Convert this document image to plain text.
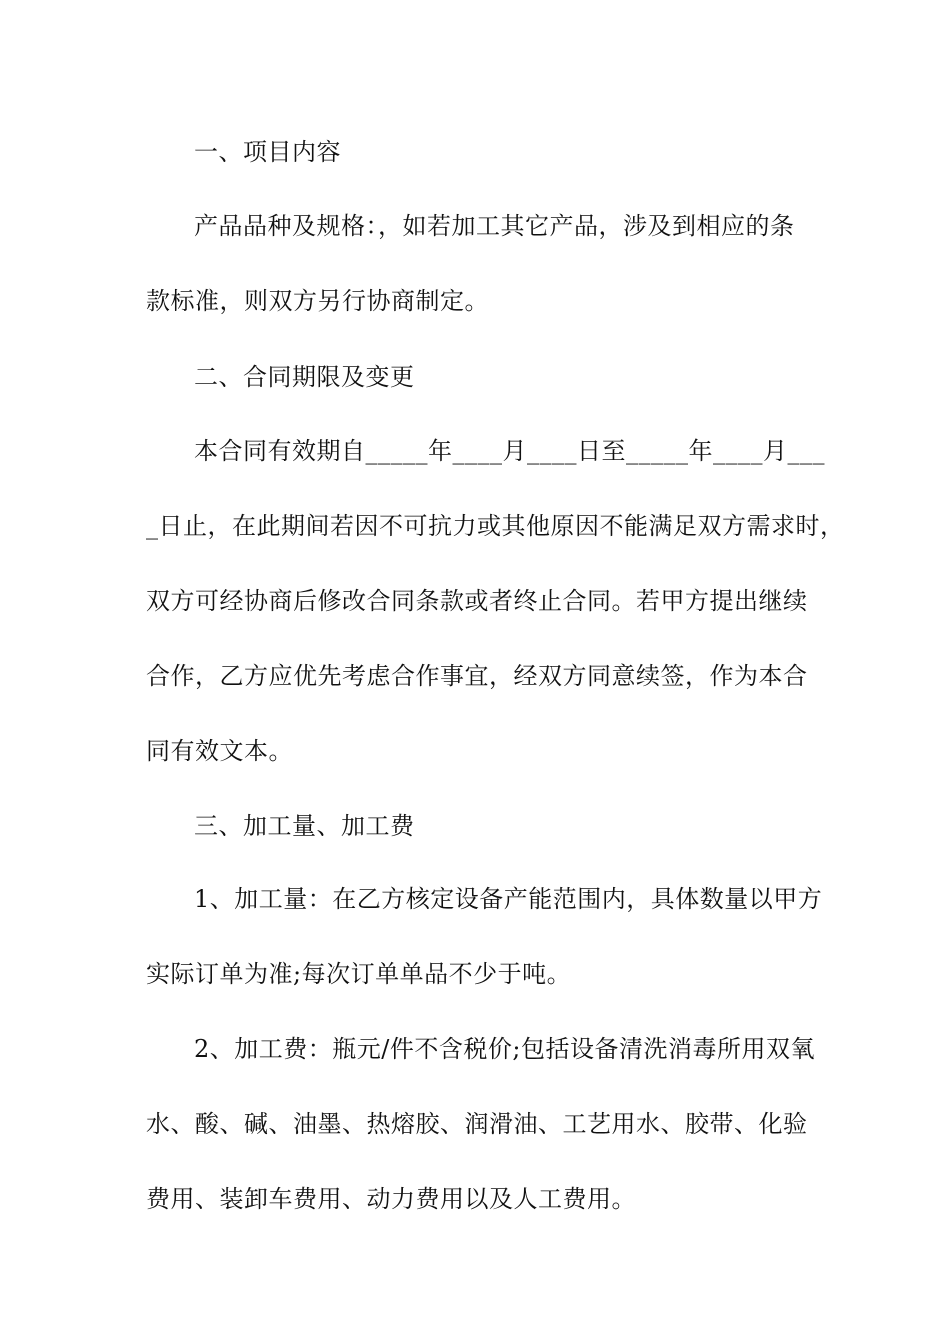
一、项目内容
产品品种及规格：，如若加工其它产品，涉及到相应的条
款标准，则双方另行协商制定。
二、合同期限及变更
本合同有效期自_____年____月____日至_____年____月___
_日止，在此期间若因不可抗力或其他原因不能满足双方需求时，
双方可经协商后修改合同条款或者终止合同。若甲方提出继续
合作，乙方应优先考虑合作事宜，经双方同意续签，作为本合
同有效文本。
三、加工量、加工费
1、加工量：在乙方核定设备产能范围内，具体数量以甲方
实际订单为准;每次订单单品不少于吨。
2、加工费：瓶元/件不含税价;包括设备清洗消毒所用双氧
水、酸、碱、油墨、热熔胶、润滑油、工艺用水、胶带、化验
费用、装卸车费用、动力费用以及人工费用。
